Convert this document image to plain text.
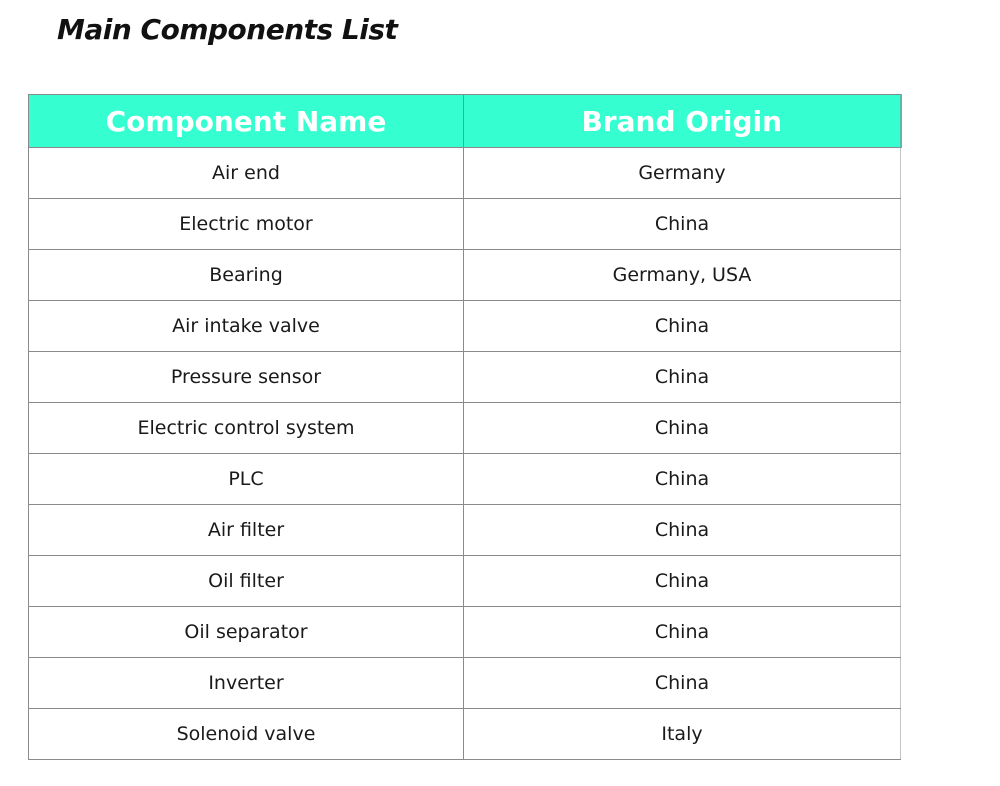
Main Components List
Component Name	Brand Origin
Air end	Germany
Electric motor	China
Bearing	Germany, USA
Air intake valve	China
Pressure sensor	China
Electric control system	China
PLC	China
Air filter	China
Oil filter	China
Oil separator	China
Inverter	China
Solenoid valve	Italy
